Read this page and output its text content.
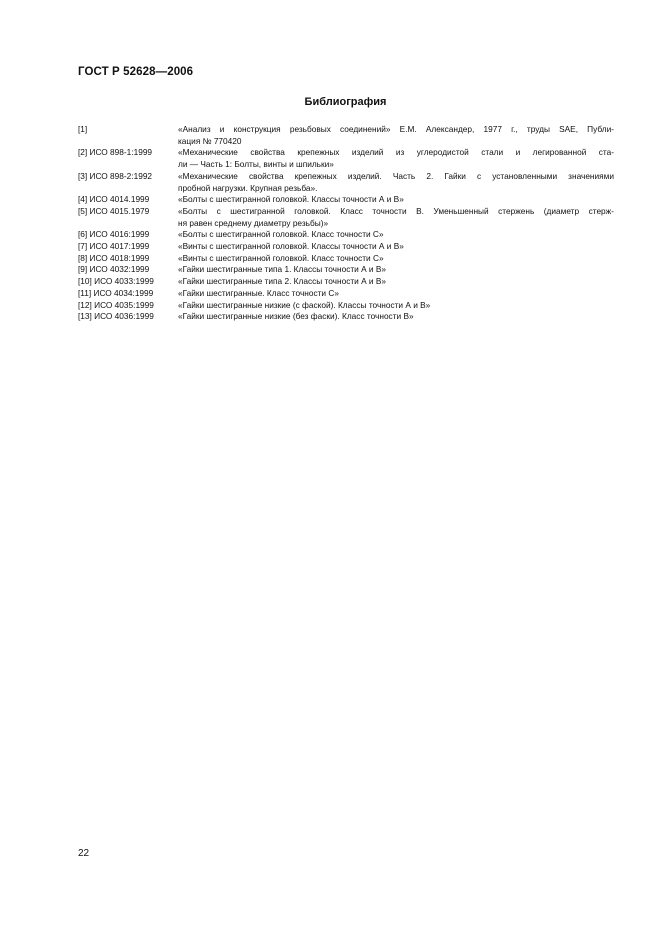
ГОСТ Р 52628—2006
Библиография
[1]	«Анализ и конструкция резьбовых соединений» Е.М. Александер, 1977 г., труды SAE, Публи-
кация № 770420
[2] ИСО 898-1:1999	«Механические свойства крепежных изделий из углеродистой стали и легированной ста-
ли — Часть 1: Болты, винты и шпильки»
[3] ИСО 898-2:1992	«Механические свойства крепежных изделий. Часть 2. Гайки с установленными значениями
пробной нагрузки. Крупная резьба».
[4] ИСО 4014.1999	«Болты с шестигранной головкой. Классы точности А и В»
[5] ИСО 4015.1979	«Болты с шестигранной головкой. Класс точности В. Уменьшенный стержень (диаметр стерж-
ня равен среднему диаметру резьбы)»
[6] ИСО 4016:1999	«Болты с шестигранной головкой. Класс точности С»
[7] ИСО 4017:1999	«Винты с шестигранной головкой. Классы точности А и В»
[8] ИСО 4018:1999	«Винты с шестигранной головкой. Класс точности С»
[9] ИСО 4032:1999	«Гайки шестигранные типа 1. Классы точности А и В»
[10] ИСО 4033:1999	«Гайки шестигранные типа 2. Классы точности А и В»
[11] ИСО 4034:1999	«Гайки шестигранные. Класс точности С»
[12] ИСО 4035:1999	«Гайки шестигранные низкие (с фаской). Классы точности А и В»
[13] ИСО 4036:1999	«Гайки шестигранные низкие (без фаски). Класс точности В»
22
